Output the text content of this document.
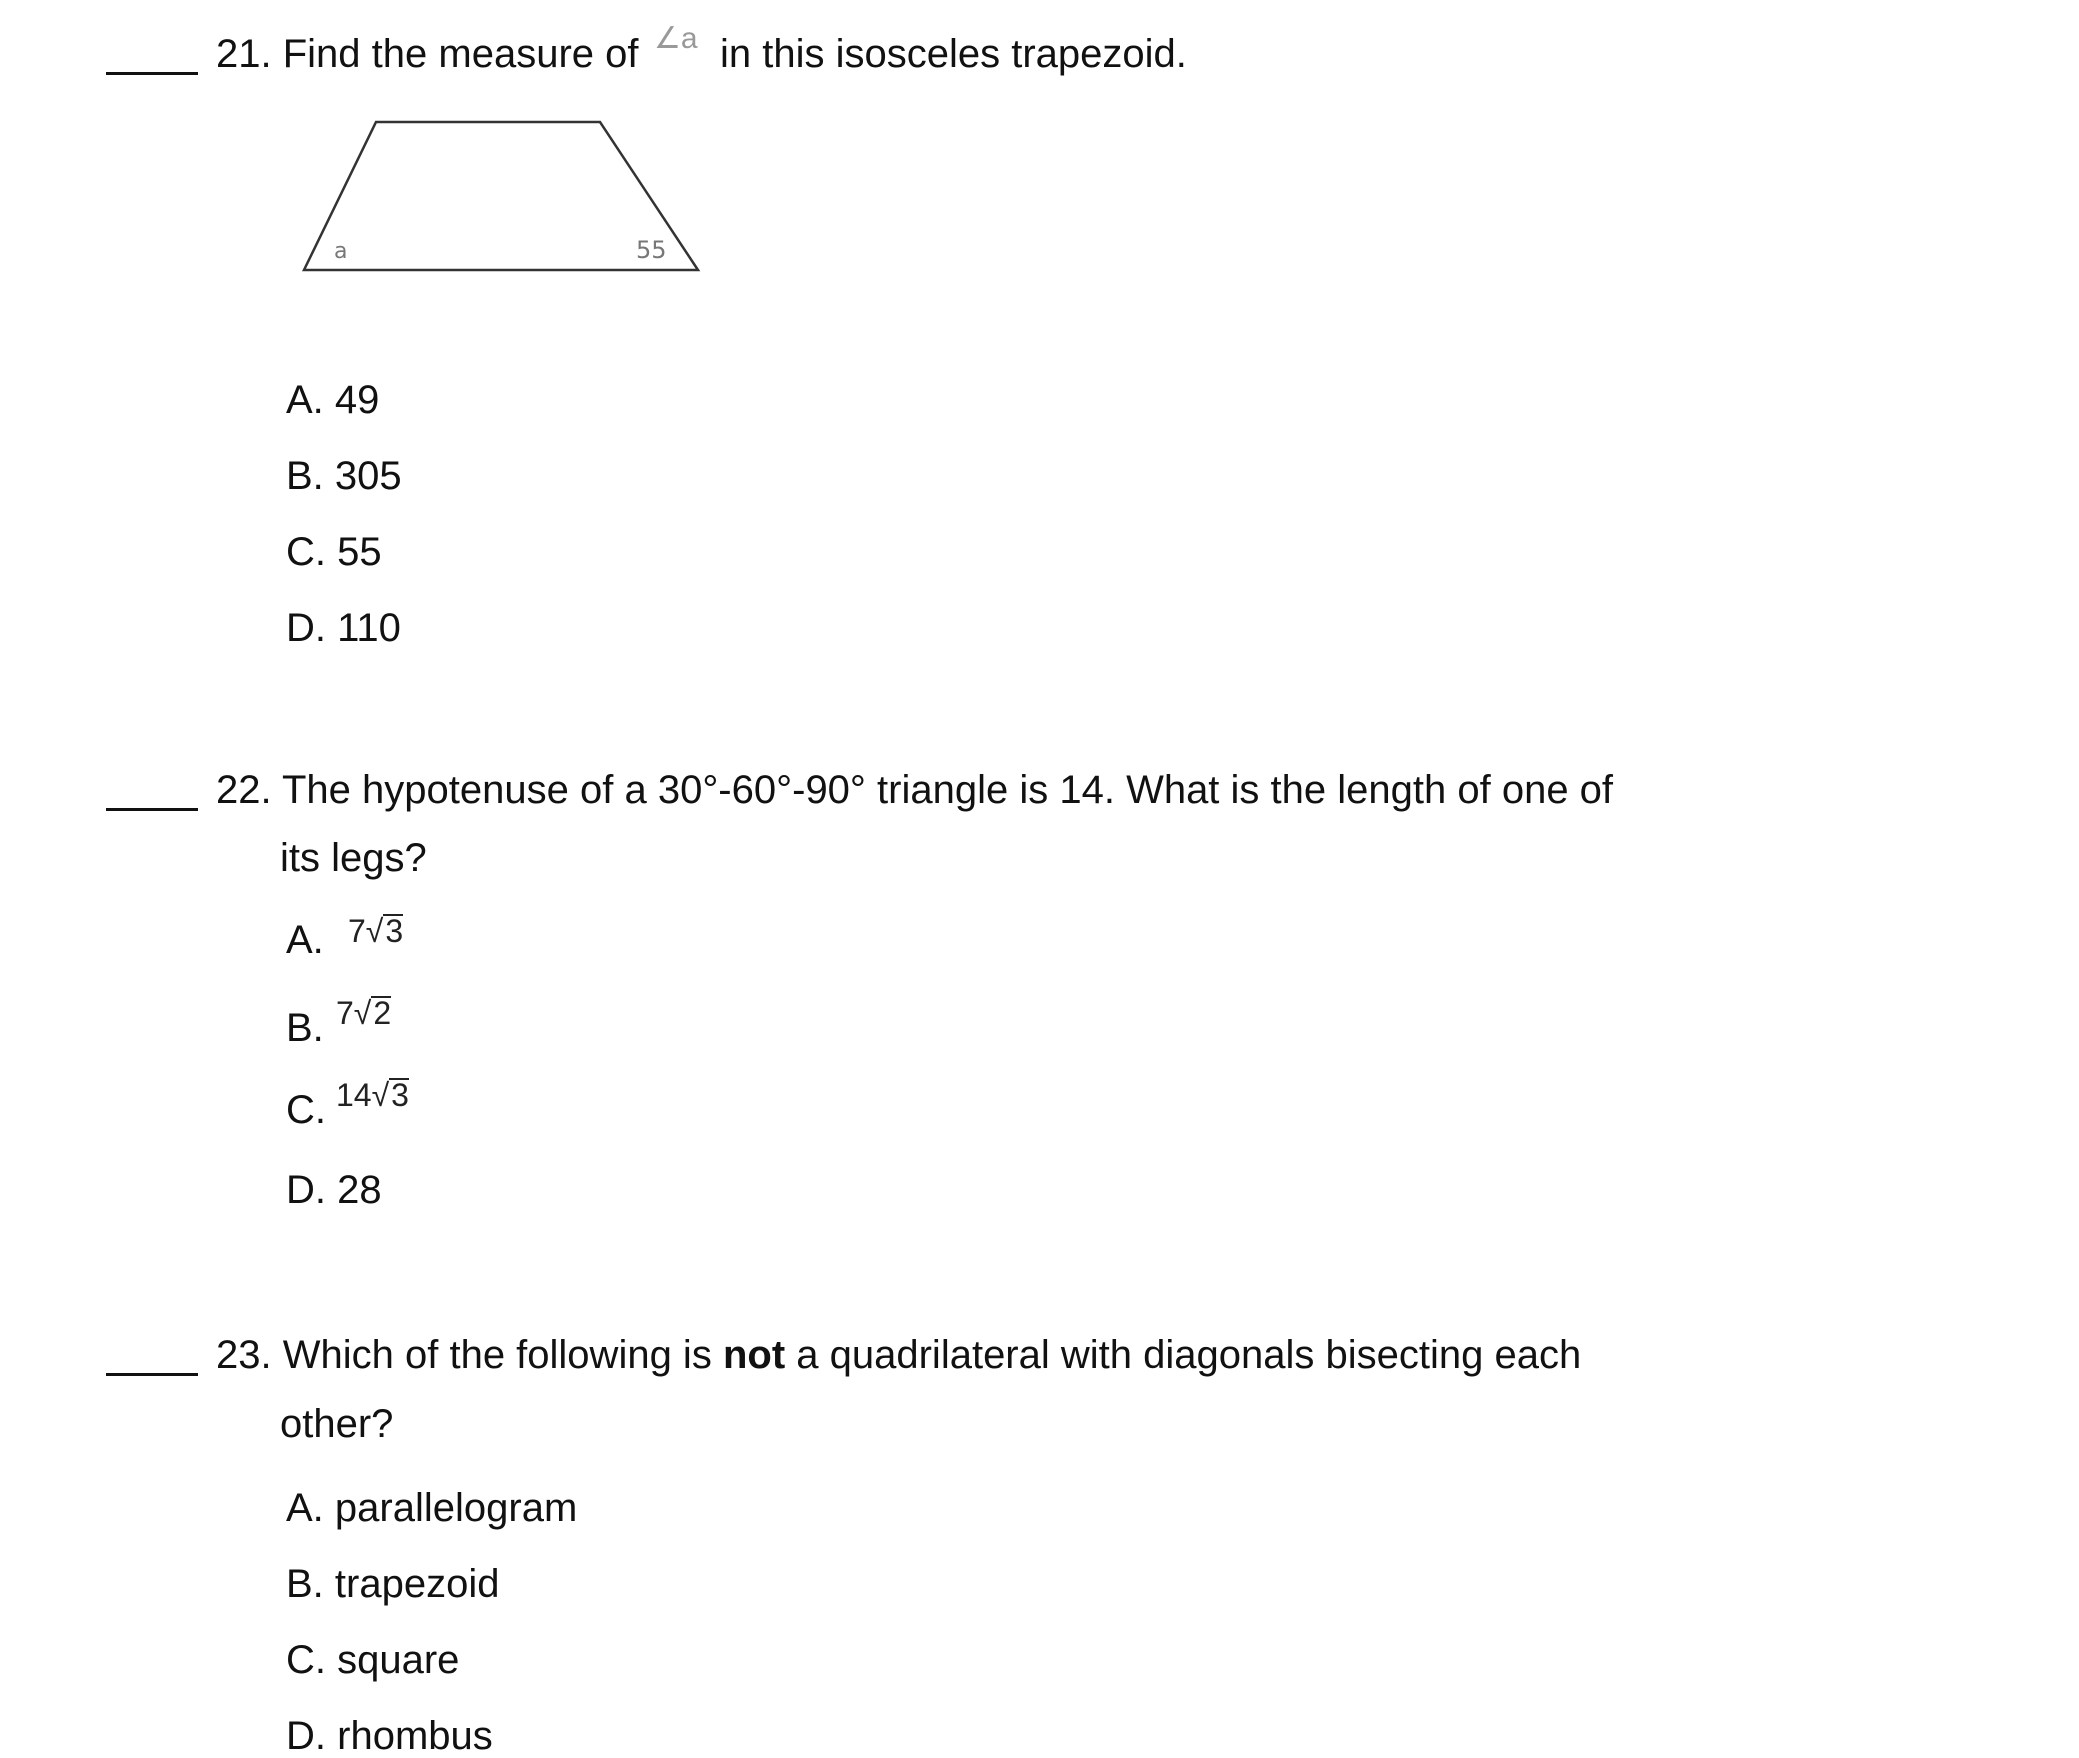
21. Find the measure of ∠a in this isosceles trapezoid.
a	55
A. 49
B. 305
C. 55
D. 110
22. The hypotenuse of a 30°-60°-90° triangle is 14. What is the length of one of
its legs?
A. 7√3
B. 7√2
C. 14√3
D. 28
23. Which of the following is not a quadrilateral with diagonals bisecting each
other?
A. parallelogram
B. trapezoid
C. square
D. rhombus
